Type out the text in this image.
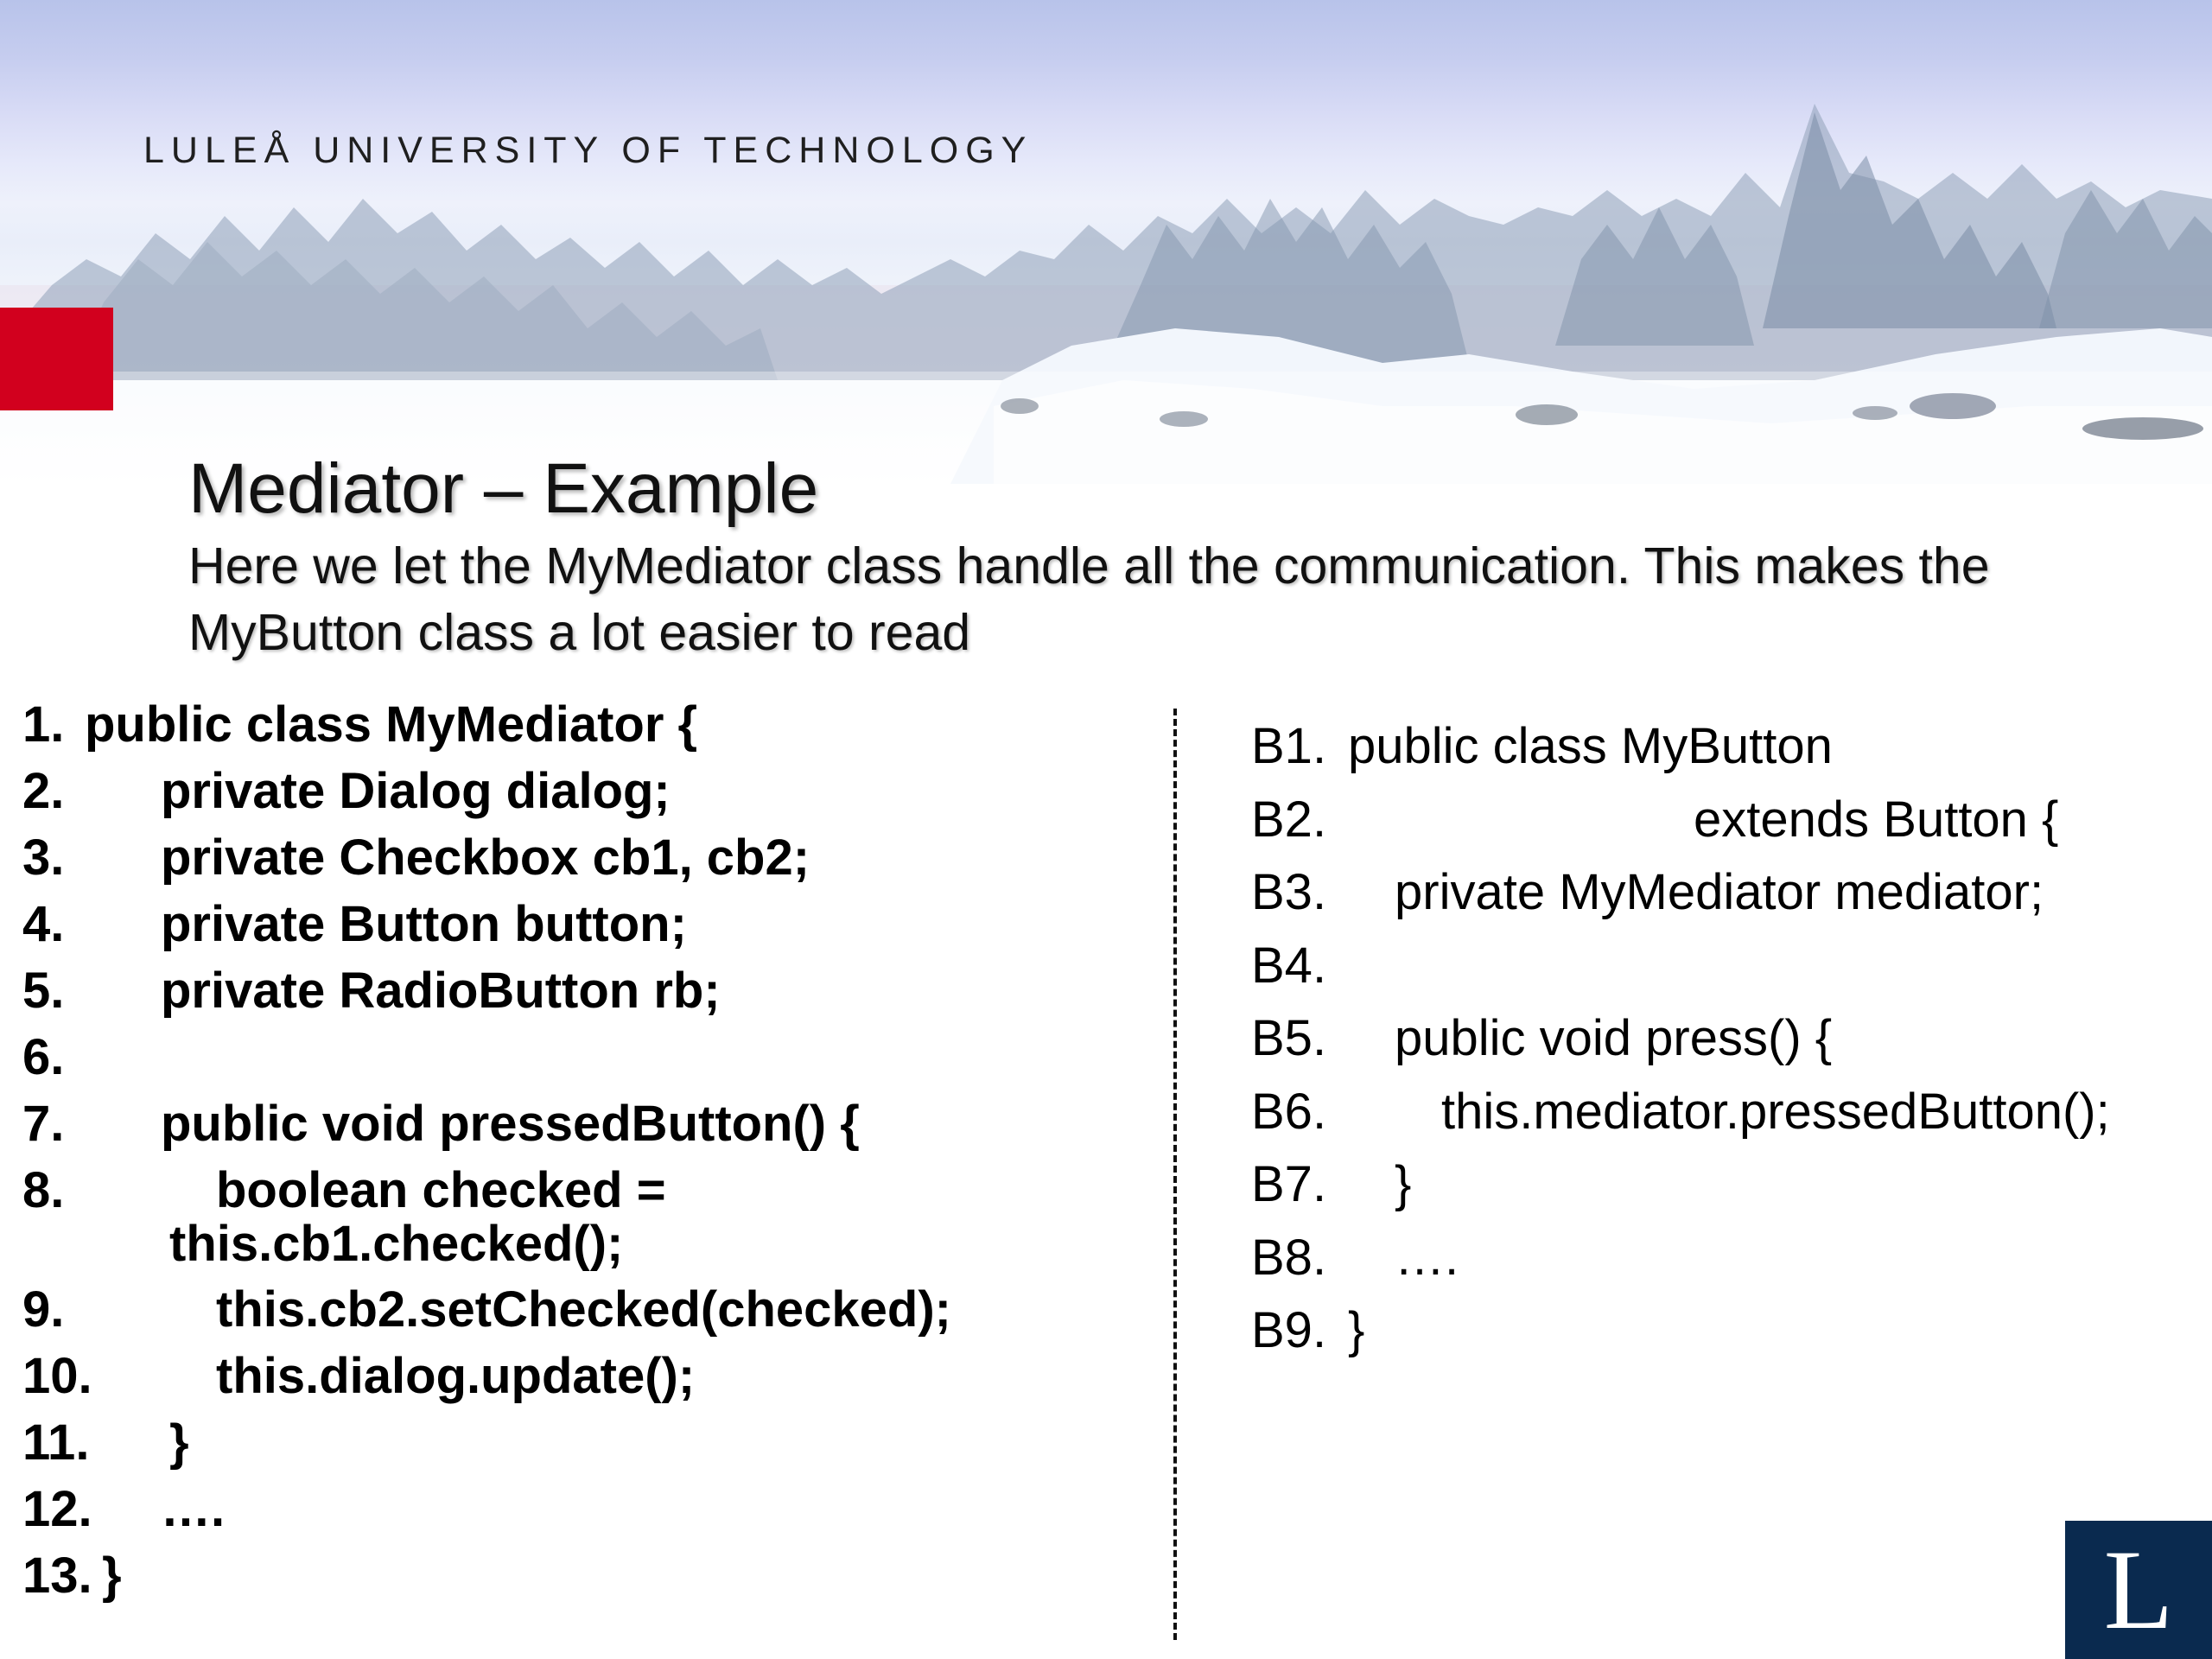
LULEÅ UNIVERSITY OF TECHNOLOGY
Mediator – Example
Here we let the MyMediator class handle all the communication. This makes the MyButton class a lot easier to read
1. public class MyMediator {
2. private Dialog dialog;
3. private Checkbox cb1, cb2;
4. private Button button;
5. private RadioButton rb;
6.
7. public void pressedButton() {
8.	boolean checked =
this.cb1.checked();
9.	this.cb2.setChecked(checked);
10. this.dialog.update();
11. }
12. ….
13. }
B1. public class MyButton
B2.	extends Button {
B3. private MyMediator mediator;
B4.
B5. public void press() {
B6. this.mediator.pressedButton();
B7. }
B8. ….
B9. }
L
